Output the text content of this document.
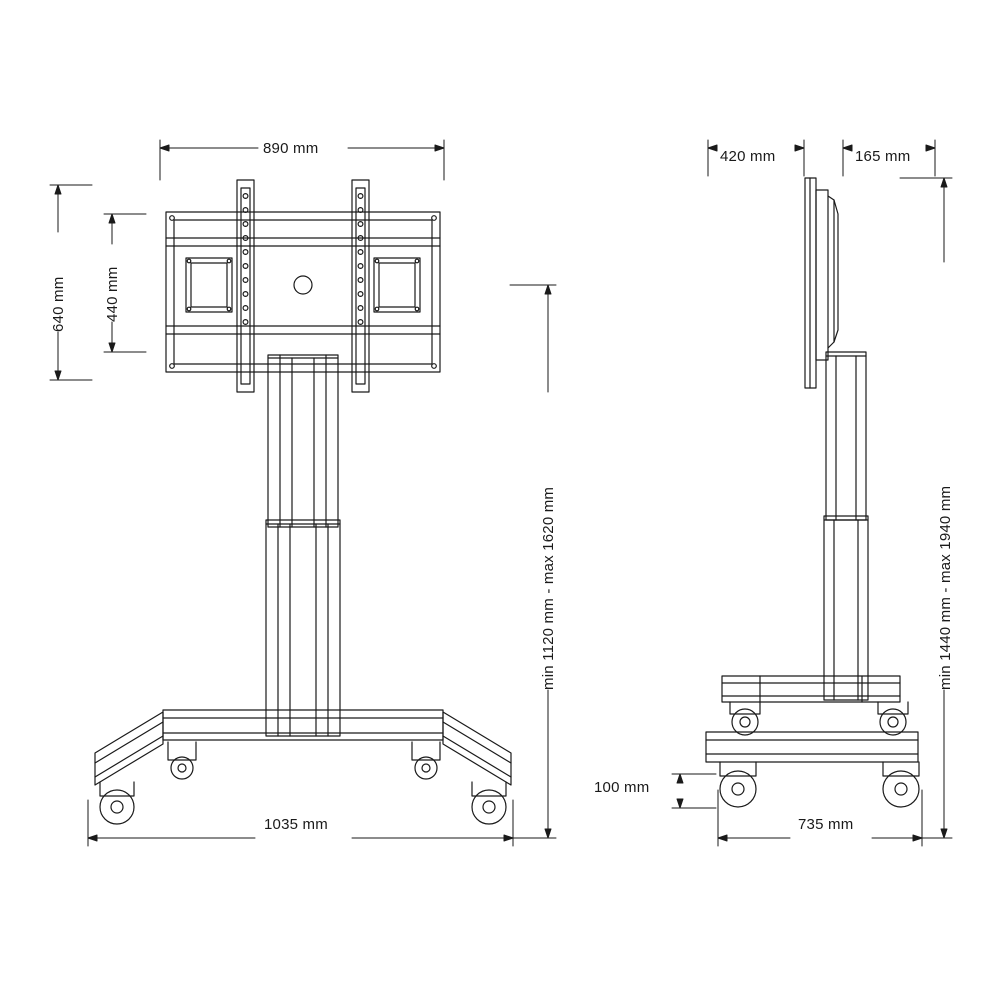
890 mm
640 mm 440 mm
1035 mm
min 1120 mm - max 1620 mm
420 mm	165 mm
735 mm
100 mm
min 1440 mm - max 1940 mm
